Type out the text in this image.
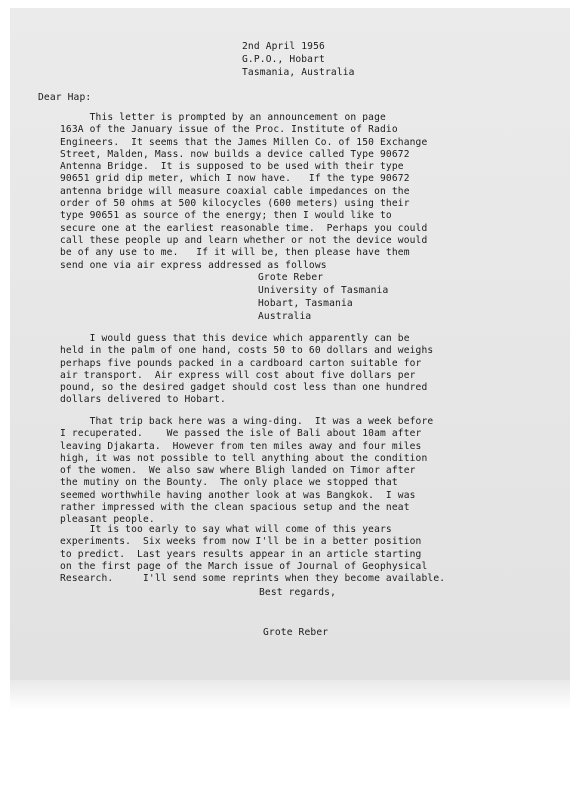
2nd April 1956
G.P.O., Hobart
Tasmania, Australia
Dear Hap:
This letter is prompted by an announcement on page
163A of the January issue of the Proc. Institute of Radio
Engineers.  It seems that the James Millen Co. of 150 Exchange
Street, Malden, Mass. now builds a device called Type 90672
Antenna Bridge.  It is supposed to be used with their type
90651 grid dip meter, which I now have.   If the type 90672
antenna bridge will measure coaxial cable impedances on the
order of 50 ohms at 500 kilocycles (600 meters) using their
type 90651 as source of the energy; then I would like to
secure one at the earliest reasonable time.  Perhaps you could
call these people up and learn whether or not the device would
be of any use to me.   If it will be, then please have them
send one via air express addressed as follows
Grote Reber
University of Tasmania
Hobart, Tasmania
Australia
I would guess that this device which apparently can be
held in the palm of one hand, costs 50 to 60 dollars and weighs
perhaps five pounds packed in a cardboard carton suitable for
air transport.  Air express will cost about five dollars per
pound, so the desired gadget should cost less than one hundred
dollars delivered to Hobart.
That trip back here was a wing-ding.  It was a week before
I recuperated.    We passed the isle of Bali about 10am after
leaving Djakarta.  However from ten miles away and four miles
high, it was not possible to tell anything about the condition
of the women.  We also saw where Bligh landed on Timor after
the mutiny on the Bounty.  The only place we stopped that
seemed worthwhile having another look at was Bangkok.  I was
rather impressed with the clean spacious setup and the neat
pleasant people.
It is too early to say what will come of this years
experiments.  Six weeks from now I'll be in a better position
to predict.  Last years results appear in an article starting
on the first page of the March issue of Journal of Geophysical
Research.     I'll send some reprints when they become available.
Best regards,
Grote Reber
